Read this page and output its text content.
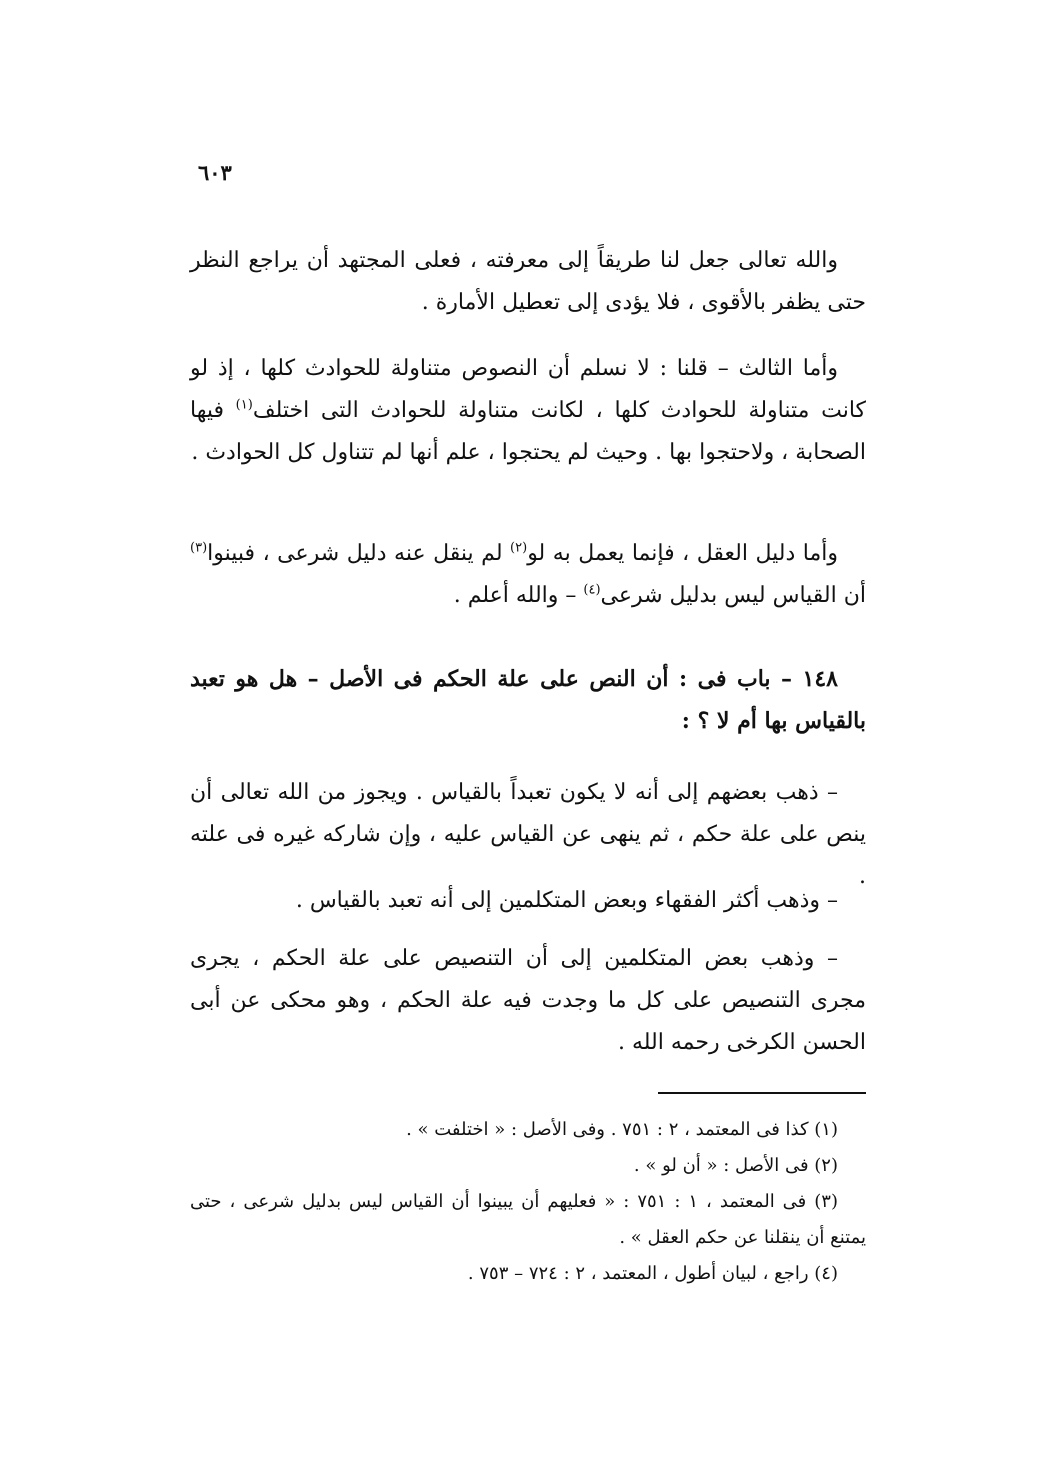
٦٠٣

والله تعالى جعل لنا طريقاً إلى معرفته ، فعلى المجتهد أن يراجع النظر حتى يظفر بالأقوى ، فلا يؤدى إلى تعطيل الأمارة .

وأما الثالث – قلنا : لا نسلم أن النصوص متناولة للحوادث كلها ، إذ لو كانت متناولة للحوادث كلها ، لكانت متناولة للحوادث التى اختلف$^{(١)}$ فيها الصحابة ، ولاحتجوا بها . وحيث لم يحتجوا ، علم أنها لم تتناول كل الحوادث .

وأما دليل العقل ، فإنما يعمل به لو$^{(٢)}$ لم ينقل عنه دليل شرعى ، فبينوا$^{(٣)}$ أن القياس ليس بدليل شرعى$^{(٤)}$ – والله أعلم .

١٤٨ – باب فى : أن النص على علة الحكم فى الأصل – هل هو تعبد بالقياس بها أم لا ؟ :

– ذهب بعضهم إلى أنه لا يكون تعبداً بالقياس . ويجوز من الله تعالى أن ينص على علة حكم ، ثم ينهى عن القياس عليه ، وإن شاركه غيره فى علته .

– وذهب أكثر الفقهاء وبعض المتكلمين إلى أنه تعبد بالقياس .

– وذهب بعض المتكلمين إلى أن التنصيص على علة الحكم ، يجرى مجرى التنصيص على كل ما وجدت فيه علة الحكم ، وهو محكى عن أبى الحسن الكرخى رحمه الله .

(١) كذا فى المعتمد ، ٢ : ٧٥١ . وفى الأصل : « اختلفت » .

(٢) فى الأصل : « أن لو » .

(٣) فى المعتمد ، ١ : ٧٥١ : « فعليهم أن يبينوا أن القياس ليس بدليل شرعى ، حتى يمتنع أن ينقلنا عن حكم العقل » .

(٤) راجع ، لبيان أطول ، المعتمد ، ٢ : ٧٢٤ – ٧٥٣ .
